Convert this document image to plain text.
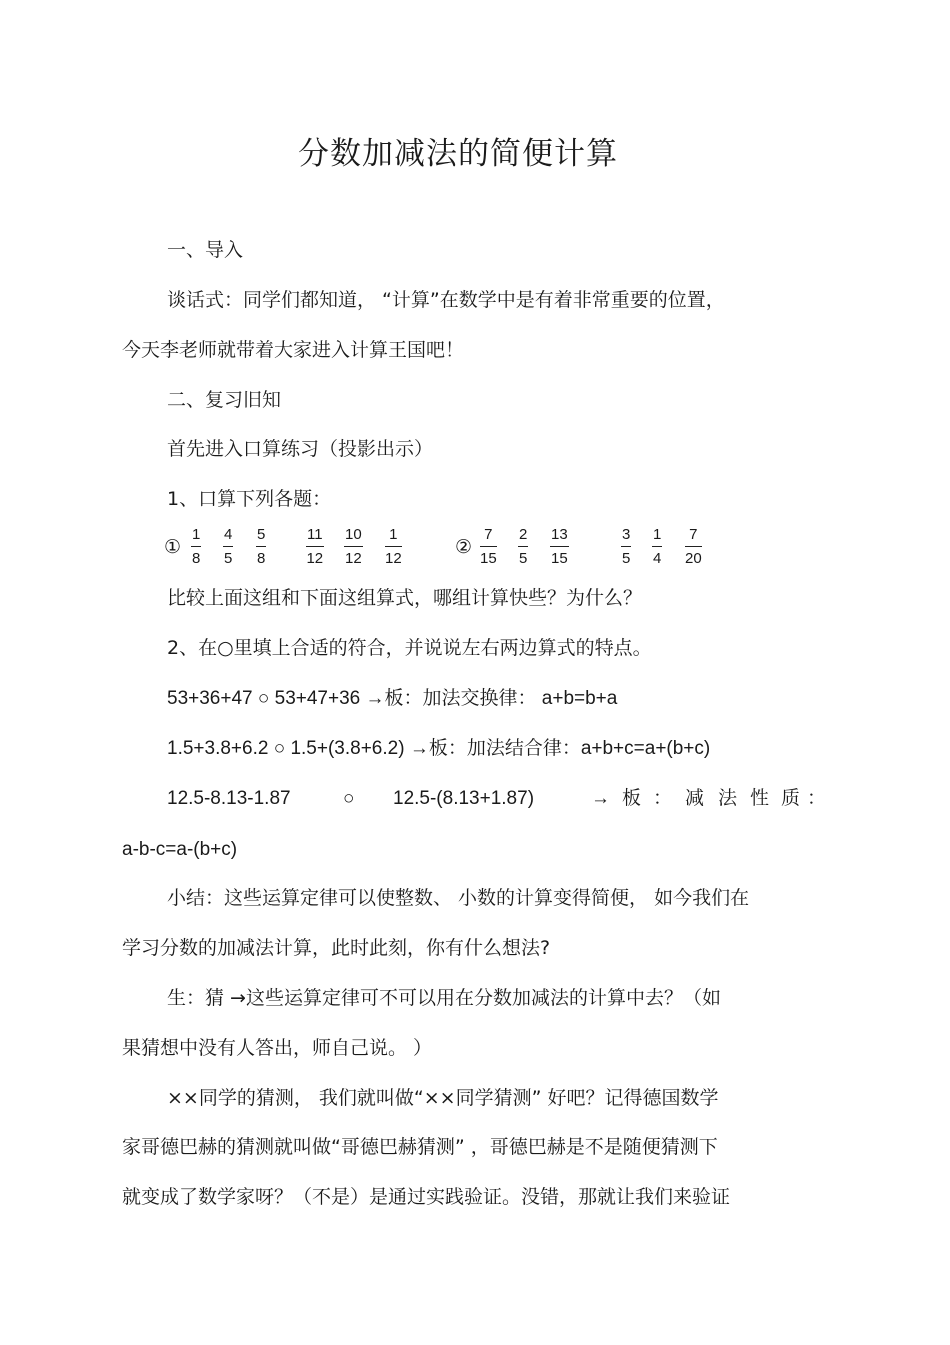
分数加减法的简便计算
一、导入
谈话式：同学们都知道， “计算”在数学中是有着非常重要的位置，
今天李老师就带着大家进入计算王国吧！
二、复习旧知
首先进入口算练习（投影出示）
1、口算下列各题：
①
1
8
4
5
5
8
11
12
10
12
1
12
②
7
15
2
5
13
15
3
5
1
4
7
20
比较上面这组和下面这组算式，哪组计算快些？为什么？
2、在○里填上合适的符合，并说说左右两边算式的特点。
53+36+47 ○ 53+47+36 →板：加法交换律： a+b=b+a
1.5+3.8+6.2 ○ 1.5+(3.8+6.2) →板：加法结合律：a+b+c=a+(b+c)
12.5-8.13-1.87	○ 12.5-(8.13+1.87)	→ 板 ： 减 法 性 质 ：
a-b-c=a-(b+c)
小结：这些运算定律可以使整数、 小数的计算变得简便， 如今我们在
学习分数的加减法计算，此时此刻，你有什么想法?
生：猜 →这些运算定律可不可以用在分数加减法的计算中去？（如
果猜想中没有人答出，师自己说。 ）
××同学的猜测， 我们就叫做“××同学猜测” 好吧？记得德国数学
家哥德巴赫的猜测就叫做“哥德巴赫猜测” ，哥德巴赫是不是随便猜测下
就变成了数学家呀？（不是）是通过实践验证。没错，那就让我们来验证
